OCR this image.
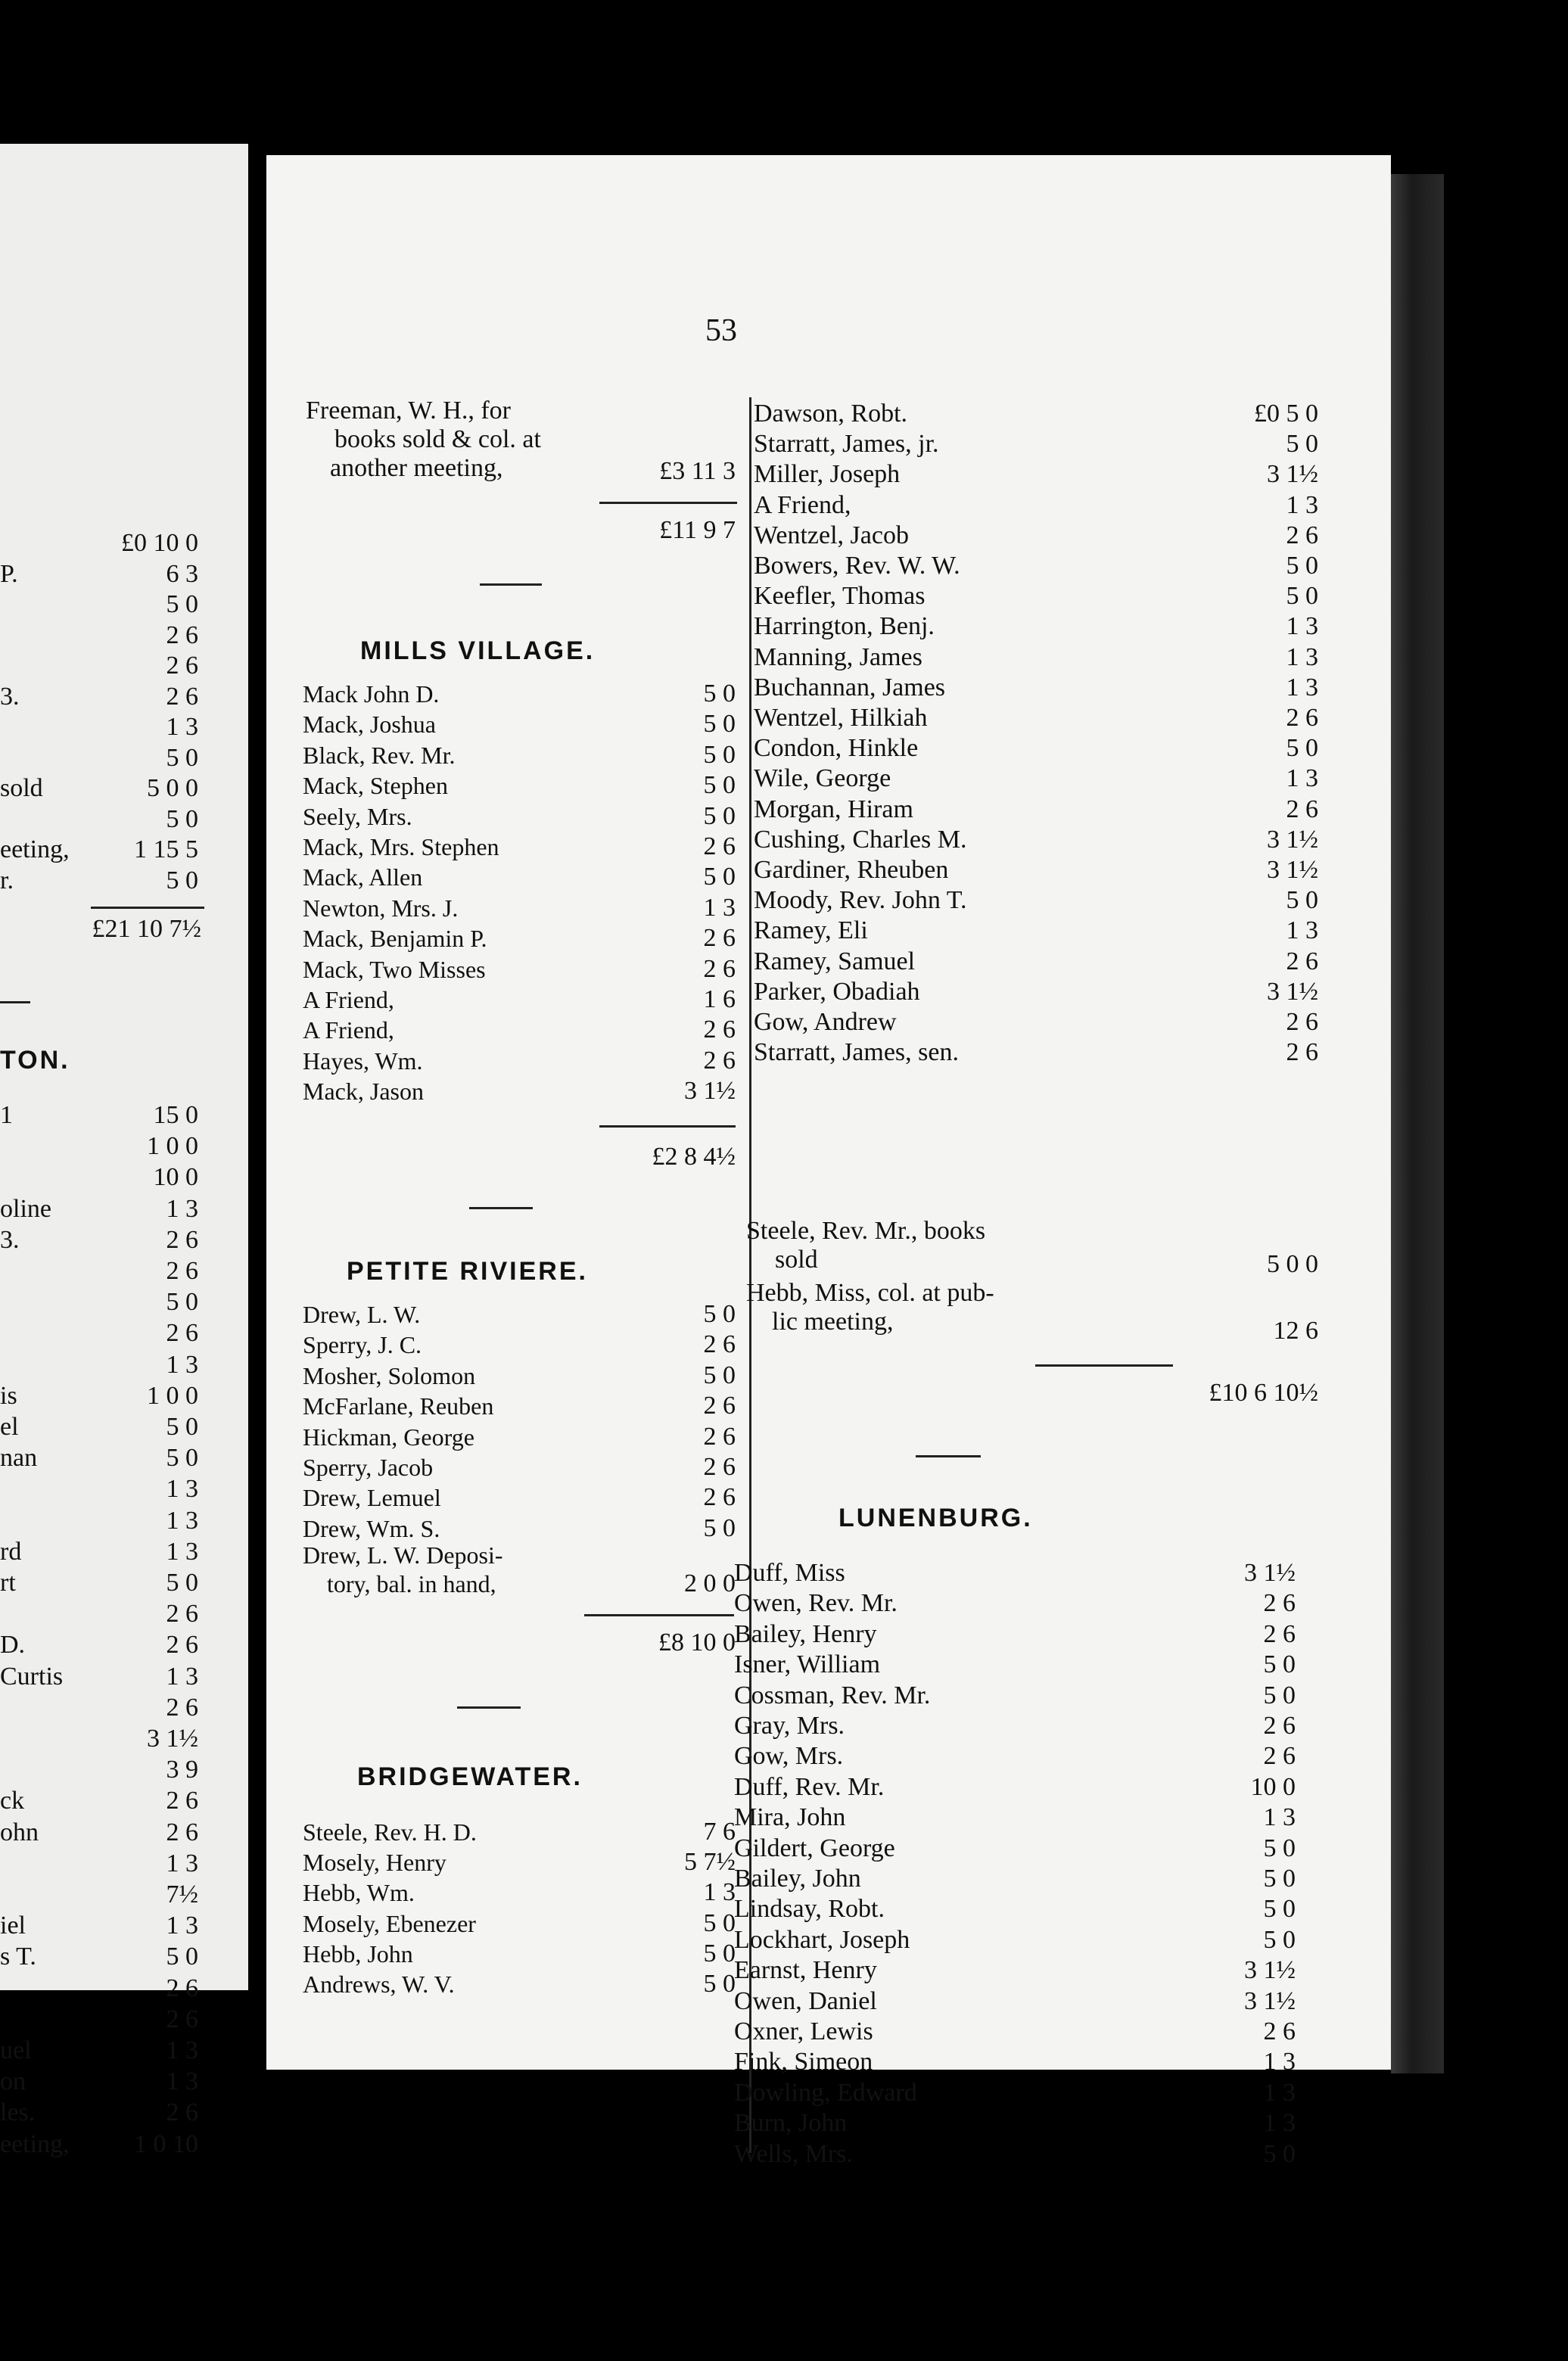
£0 10 0
P.	6 3
5 0
2 6
2 6
3.	2 6
1 3
5 0
sold	5 0 0
5 0
eeting,	1 15 5
r.	5 0
£21 10 7½
TON.
1	15 0
1 0 0
10 0
oline	1 3
3.	2 6
2 6
5 0
2 6
1 3
is	1 0 0
el	5 0
nan	5 0
1 3
1 3
rd	1 3
rt	5 0
2 6
D.	2 6
Curtis	1 3
2 6
3 1½
3 9
ck	2 6
ohn	2 6
1 3
7½
iel	1 3
s T.	5 0
2 6
2 6
uel	1 3
on	1 3
les.	2 6
eeting,	1 0 10
53
Freeman, W. H., for
books sold & col. at
another meeting,	£3 11 3
£11 9 7
MILLS VILLAGE.
Mack John D.	5 0
Mack, Joshua	5 0
Black, Rev. Mr.	5 0
Mack, Stephen	5 0
Seely, Mrs.	5 0
Mack, Mrs. Stephen	2 6
Mack, Allen	5 0
Newton, Mrs. J.	1 3
Mack, Benjamin P.	2 6
Mack, Two Misses	2 6
A Friend,	1 6
A Friend,	2 6
Hayes, Wm.	2 6
Mack, Jason	3 1½
£2 8 4½
PETITE RIVIERE.
Drew, L. W.	5 0
Sperry, J. C.	2 6
Mosher, Solomon	5 0
McFarlane, Reuben	2 6
Hickman, George	2 6
Sperry, Jacob	2 6
Drew, Lemuel	2 6
Drew, Wm. S.	5 0
Drew, L. W. Deposi-
tory, bal. in hand,	2 0 0
£8 10 0
BRIDGEWATER.
Steele, Rev. H. D.	7 6
Mosely, Henry	5 7½
Hebb, Wm.	1 3
Mosely, Ebenezer	5 0
Hebb, John	5 0
Andrews, W. V.	5 0
Dawson, Robt.	£0 5 0
Starratt, James, jr.	5 0
Miller, Joseph	3 1½
A Friend,	1 3
Wentzel, Jacob	2 6
Bowers, Rev. W. W.	5 0
Keefler, Thomas	5 0
Harrington, Benj.	1 3
Manning, James	1 3
Buchannan, James	1 3
Wentzel, Hilkiah	2 6
Condon, Hinkle	5 0
Wile, George	1 3
Morgan, Hiram	2 6
Cushing, Charles M.	3 1½
Gardiner, Rheuben	3 1½
Moody, Rev. John T.	5 0
Ramey, Eli	1 3
Ramey, Samuel	2 6
Parker, Obadiah	3 1½
Gow, Andrew	2 6
Starratt, James, sen.	2 6
Steele, Rev. Mr., books
sold	5 0 0
Hebb, Miss, col. at pub-
lic meeting,	12 6
£10 6 10½
LUNENBURG.
Duff, Miss	3 1½
Owen, Rev. Mr.	2 6
Bailey, Henry	2 6
Isner, William	5 0
Cossman, Rev. Mr.	5 0
Gray, Mrs.	2 6
Gow, Mrs.	2 6
Duff, Rev. Mr.	10 0
Mira, John	1 3
Gildert, George	5 0
Bailey, John	5 0
Lindsay, Robt.	5 0
Lockhart, Joseph	5 0
Earnst, Henry	3 1½
Owen, Daniel	3 1½
Oxner, Lewis	2 6
Fink, Simeon	1 3
Dowling, Edward	1 3
Burn, John	1 3
Wells, Mrs.	5 0
